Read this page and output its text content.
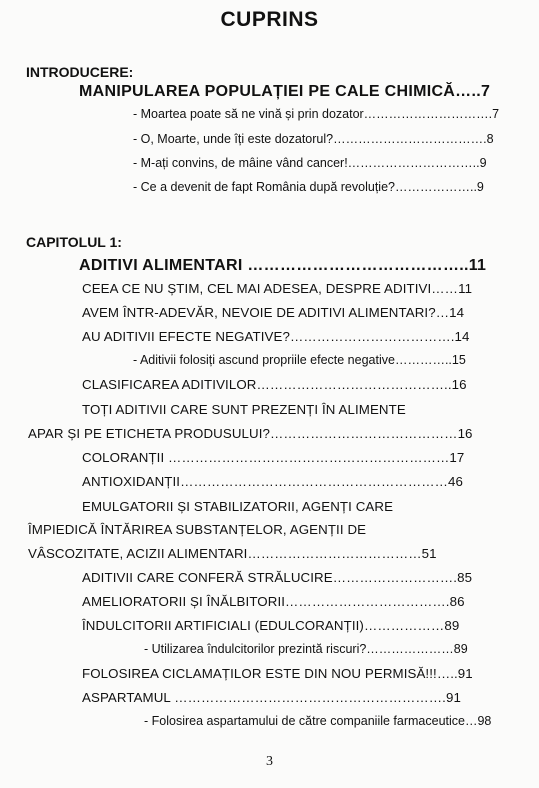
CUPRINS
INTRODUCERE:
MANIPULAREA POPULAȚIEI PE CALE CHIMICĂ…..7
- Moartea poate să ne vină și prin dozator………………………….7
- O, Moarte, unde îți este dozatorul?……………………………….8
- M-ați convins, de mâine vând cancer!…………………………..9
- Ce a devenit de fapt România după revoluție?………………..9
CAPITOLUL 1:
ADITIVI ALIMENTARI …………………………………..11
CEEA CE NU ȘTIM, CEL MAI ADESEA, DESPRE ADITIVI……11
AVEM ÎNTR-ADEVĂR, NEVOIE DE ADITIVI ALIMENTARI?…14
AU ADITIVII EFECTE NEGATIVE?……………………………….14
- Aditivii folosiți ascund propriile efecte negative…………..15
CLASIFICAREA ADITIVILOR……………………………………..16
TOȚI ADITIVII CARE SUNT PREZENȚI ÎN ALIMENTE
APAR ȘI PE ETICHETA PRODUSULUI?……………………………………16
COLORANȚII ………………………………………………………17
ANTIOXIDANȚII……………………………………………………46
EMULGATORII ȘI STABILIZATORII, AGENȚI CARE
ÎMPIEDICĂ ÎNTĂRIREA SUBSTANȚELOR, AGENȚII DE
VÂSCOZITATE, ACIZII ALIMENTARI…………………………………51
ADITIVII CARE CONFERĂ STRĂLUCIRE……………………….85
AMELIORATORII ȘI ÎNĂLBITORII……………………………….86
ÎNDULCITORII ARTIFICIALI (EDULCORANȚII)………………89
- Utilizarea îndulcitorilor prezintă riscuri?…………………89
FOLOSIREA CICLAMAȚILOR ESTE DIN NOU PERMISĂ!!!…..91
ASPARTAMUL …………………………………………………….91
- Folosirea aspartamului de către companiile farmaceutice…98
3
